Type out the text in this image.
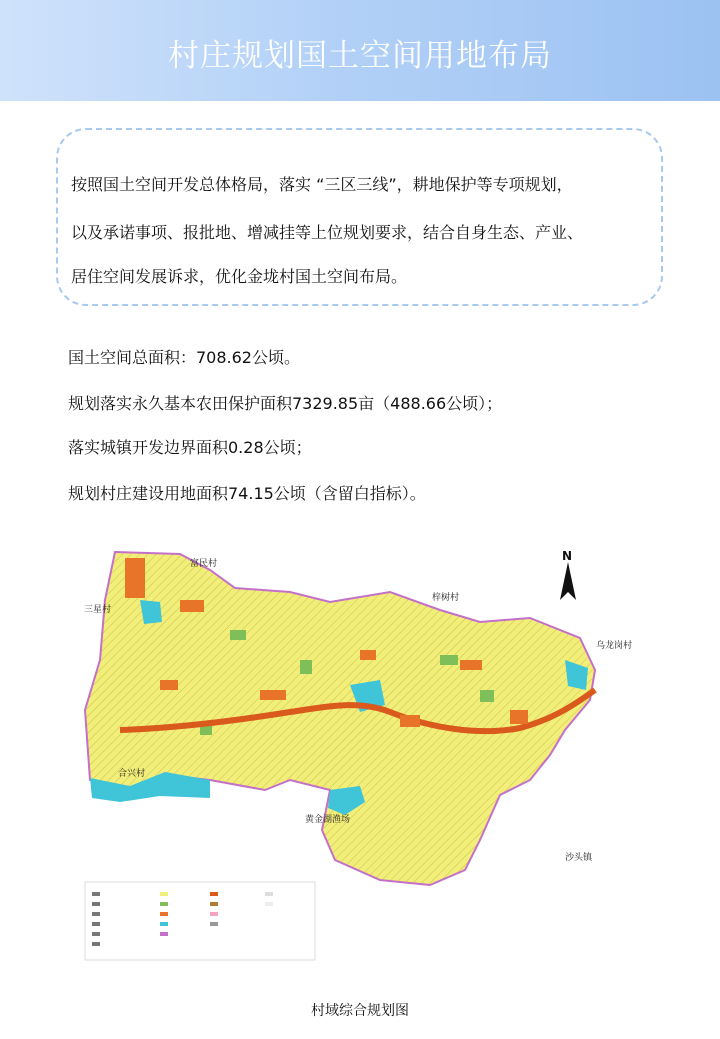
村庄规划国土空间用地布局
按照国土空间开发总体格局，落实 “三区三线”，耕地保护等专项规划，
以及承诺事项、报批地、增减挂等上位规划要求，结合自身生态、产业、
居住空间发展诉求，优化金垅村国土空间布局。
国土空间总面积：708.62公顷。
规划落实永久基本农田保护面积7329.85亩（488.66公顷）；
落实城镇开发边界面积0.28公顷；
规划村庄建设用地面积74.15公顷（含留白指标）。
N
富民村
三星村
梓树村
乌龙岗村
合兴村
黄金湖渔场
沙头镇
村域综合规划图
